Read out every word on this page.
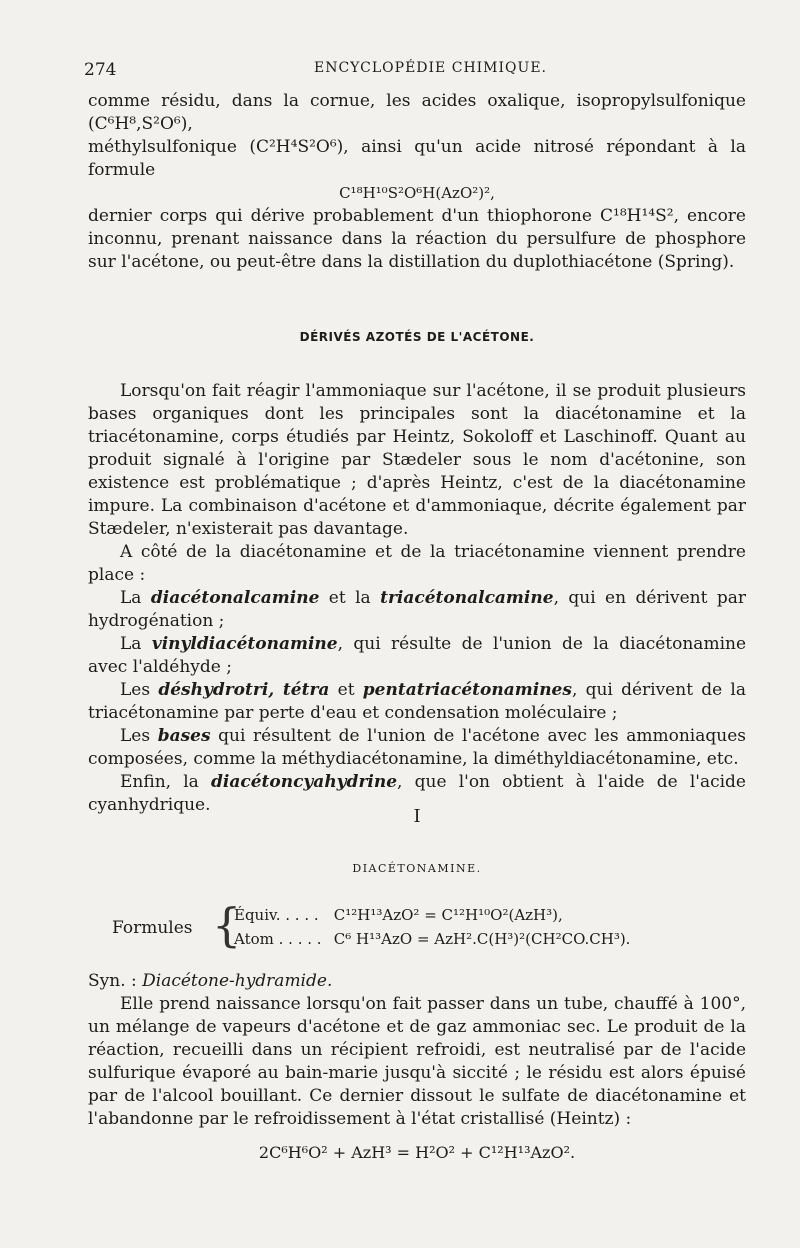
274	ENCYCLOPÉDIE CHIMIQUE.

comme résidu, dans la cornue, les acides oxalique, isopropylsulfonique (C⁶H⁸,S²O⁶),

méthylsulfonique (C²H⁴S²O⁶), ainsi qu'un acide nitrosé répondant à la formule

C¹⁸H¹⁰S²O⁶H(AzO²)²,

dernier corps qui dérive probablement d'un thiophorone C¹⁸H¹⁴S², encore inconnu, prenant naissance dans la réaction du persulfure de phosphore sur l'acétone, ou peut-être dans la distillation du duplothiacétone (Spring).

DÉRIVÉS AZOTÉS DE L'ACÉTONE.

Lorsqu'on fait réagir l'ammoniaque sur l'acétone, il se produit plusieurs bases organiques dont les principales sont la diacétonamine et la triacétonamine, corps étudiés par Heintz, Sokoloff et Laschinoff. Quant au produit signalé à l'origine par Stædeler sous le nom d'acétonine, son existence est problématique ; d'après Heintz, c'est de la diacétonamine impure. La combinaison d'acétone et d'ammoniaque, décrite également par Stædeler, n'existerait pas davantage.

A côté de la diacétonamine et de la triacétonamine viennent prendre place :

La diacétonalcamine et la triacétonalcamine, qui en dérivent par hydrogénation ;

La vinyldiacétonamine, qui résulte de l'union de la diacétonamine avec l'aldéhyde ;

Les déshydrotri, tétra et pentatriacétonamines, qui dérivent de la triacétonamine par perte d'eau et condensation moléculaire ;

Les bases qui résultent de l'union de l'acétone avec les ammoniaques composées, comme la méthydiacétonamine, la diméthyldiacétonamine, etc.

Enfin, la diacétoncyahydrine, que l'on obtient à l'aide de l'acide cyanhydrique.

I
DIACÉTONAMINE.
Formules {
Équiv. . . . . C¹²H¹³AzO² = C¹²H¹⁰O²(AzH³),
Atom . . . . . C⁶ H¹³AzO = AzH².C(H³)²(CH²CO.CH³).

Syn. : Diacétone-hydramide.

Elle prend naissance lorsqu'on fait passer dans un tube, chauffé à 100°, un mélange de vapeurs d'acétone et de gaz ammoniac sec. Le produit de la réaction, recueilli dans un récipient refroidi, est neutralisé par de l'acide sulfurique évaporé au bain-marie jusqu'à siccité ; le résidu est alors épuisé par de l'alcool bouillant. Ce dernier dissout le sulfate de diacétonamine et l'abandonne par le refroidissement à l'état cristallisé (Heintz) :

2C⁶H⁶O² + AzH³ = H²O² + C¹²H¹³AzO².
